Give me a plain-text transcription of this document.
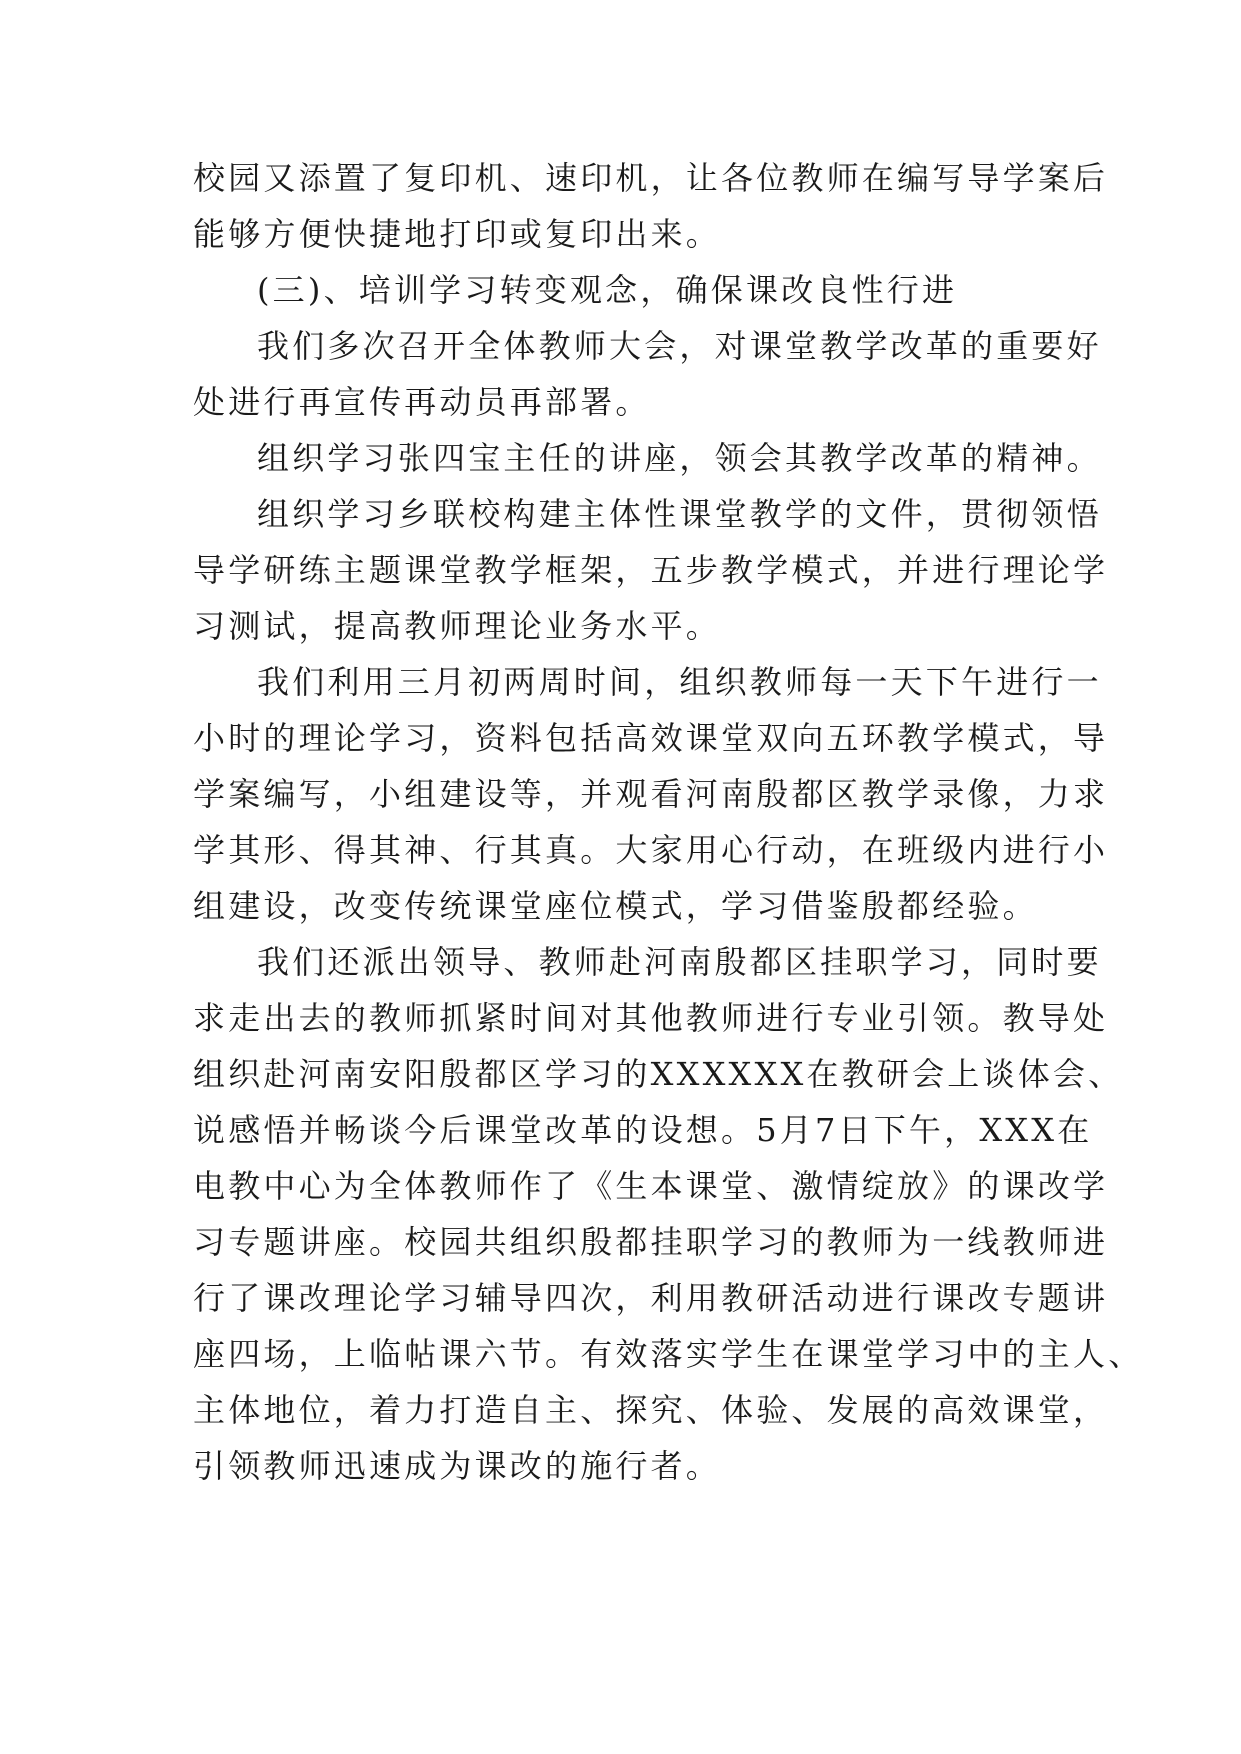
校园又添置了复印机、速印机，让各位教师在编写导学案后
能够方便快捷地打印或复印出来。
(三)、培训学习转变观念，确保课改良性行进
我们多次召开全体教师大会，对课堂教学改革的重要好
处进行再宣传再动员再部署。
组织学习张四宝主任的讲座，领会其教学改革的精神。
组织学习乡联校构建主体性课堂教学的文件，贯彻领悟
导学研练主题课堂教学框架，五步教学模式，并进行理论学
习测试，提高教师理论业务水平。
我们利用三月初两周时间，组织教师每一天下午进行一
小时的理论学习，资料包括高效课堂双向五环教学模式，导
学案编写，小组建设等，并观看河南殷都区教学录像，力求
学其形、得其神、行其真。大家用心行动，在班级内进行小
组建设，改变传统课堂座位模式，学习借鉴殷都经验。
我们还派出领导、教师赴河南殷都区挂职学习，同时要
求走出去的教师抓紧时间对其他教师进行专业引领。教导处
组织赴河南安阳殷都区学习的XXXXXX在教研会上谈体会、
说感悟并畅谈今后课堂改革的设想。5月7日下午，XXX在
电教中心为全体教师作了《生本课堂、激情绽放》的课改学
习专题讲座。校园共组织殷都挂职学习的教师为一线教师进
行了课改理论学习辅导四次，利用教研活动进行课改专题讲
座四场，上临帖课六节。有效落实学生在课堂学习中的主人、
主体地位，着力打造自主、探究、体验、发展的高效课堂，
引领教师迅速成为课改的施行者。
